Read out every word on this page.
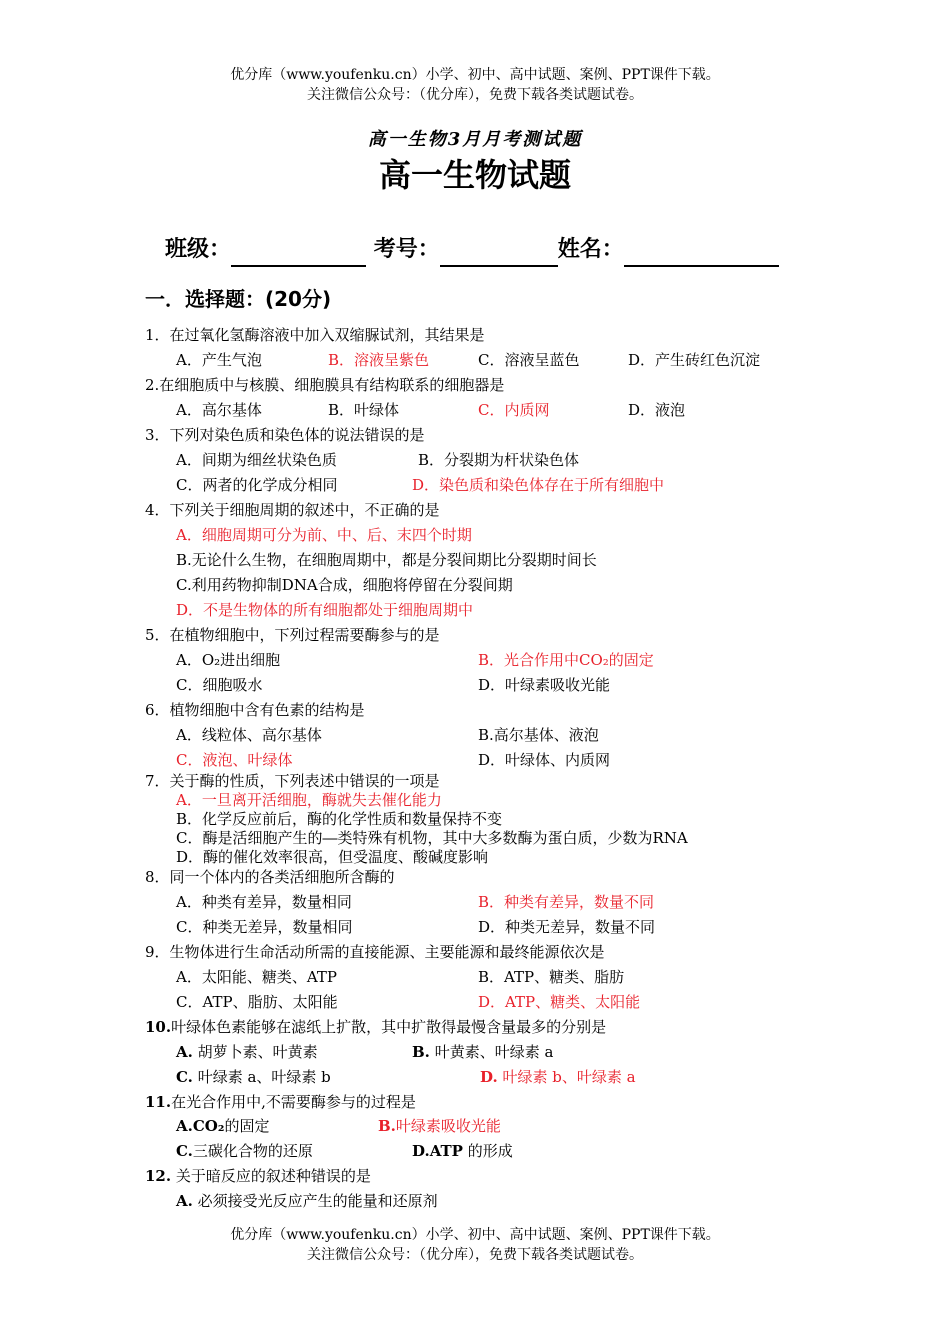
优分库（www.youfenku.cn）小学、初中、高中试题、案例、PPT课件下载。
关注微信公众号：（优分库），免费下载各类试题试卷。
高一生物3月月考测试题
高一生物试题
班级：	考号：	姓名：
一．选择题：(20分)
1．在过氧化氢酶溶液中加入双缩脲试剂，其结果是
A．产生气泡	B．溶液呈紫色	C．溶液呈蓝色	D．产生砖红色沉淀
2.在细胞质中与核膜、细胞膜具有结构联系的细胞器是
A．高尔基体	B．叶绿体	C．内质网	D．液泡
3．下列对染色质和染色体的说法错误的是
A．间期为细丝状染色质	B．分裂期为杆状染色体
C．两者的化学成分相同	D．染色质和染色体存在于所有细胞中
4．下列关于细胞周期的叙述中，不正确的是
A．细胞周期可分为前、中、后、末四个时期
B.无论什么生物，在细胞周期中，都是分裂间期比分裂期时间长
C.利用药物抑制DNA合成，细胞将停留在分裂间期
D．不是生物体的所有细胞都处于细胞周期中
5．在植物细胞中，下列过程需要酶参与的是
A．O₂进出细胞	B．光合作用中CO₂的固定
C．细胞吸水	D．叶绿素吸收光能
6．植物细胞中含有色素的结构是
A．线粒体、高尔基体	B.高尔基体、液泡
C．液泡、叶绿体	D．叶绿体、内质网
7．关于酶的性质，下列表述中错误的一项是
A．一旦离开活细胞，酶就失去催化能力
B．化学反应前后，酶的化学性质和数量保持不变
C．酶是活细胞产生的―类特殊有机物，其中大多数酶为蛋白质，少数为RNA
D．酶的催化效率很高，但受温度、酸碱度影响
8．同一个体内的各类活细胞所含酶的
A．种类有差异，数量相同	B．种类有差异，数量不同
C．种类无差异，数量相同	D．种类无差异，数量不同
9．生物体进行生命活动所需的直接能源、主要能源和最终能源依次是
A．太阳能、糖类、ATP	B．ATP、糖类、脂肪
C．ATP、脂肪、太阳能	D．ATP、糖类、太阳能
10.叶绿体色素能够在滤纸上扩散，其中扩散得最慢含量最多的分别是
A. 胡萝卜素、叶黄素	B. 叶黄素、叶绿素 a
C. 叶绿素 a、叶绿素 b	D. 叶绿素 b、叶绿素 a
11.在光合作用中,不需要酶参与的过程是
A.CO₂的固定	B.叶绿素吸收光能
C.三碳化合物的还原	D.ATP 的形成
12. 关于暗反应的叙述种错误的是
A. 必须接受光反应产生的能量和还原剂
优分库（www.youfenku.cn）小学、初中、高中试题、案例、PPT课件下载。
关注微信公众号：（优分库），免费下载各类试题试卷。
